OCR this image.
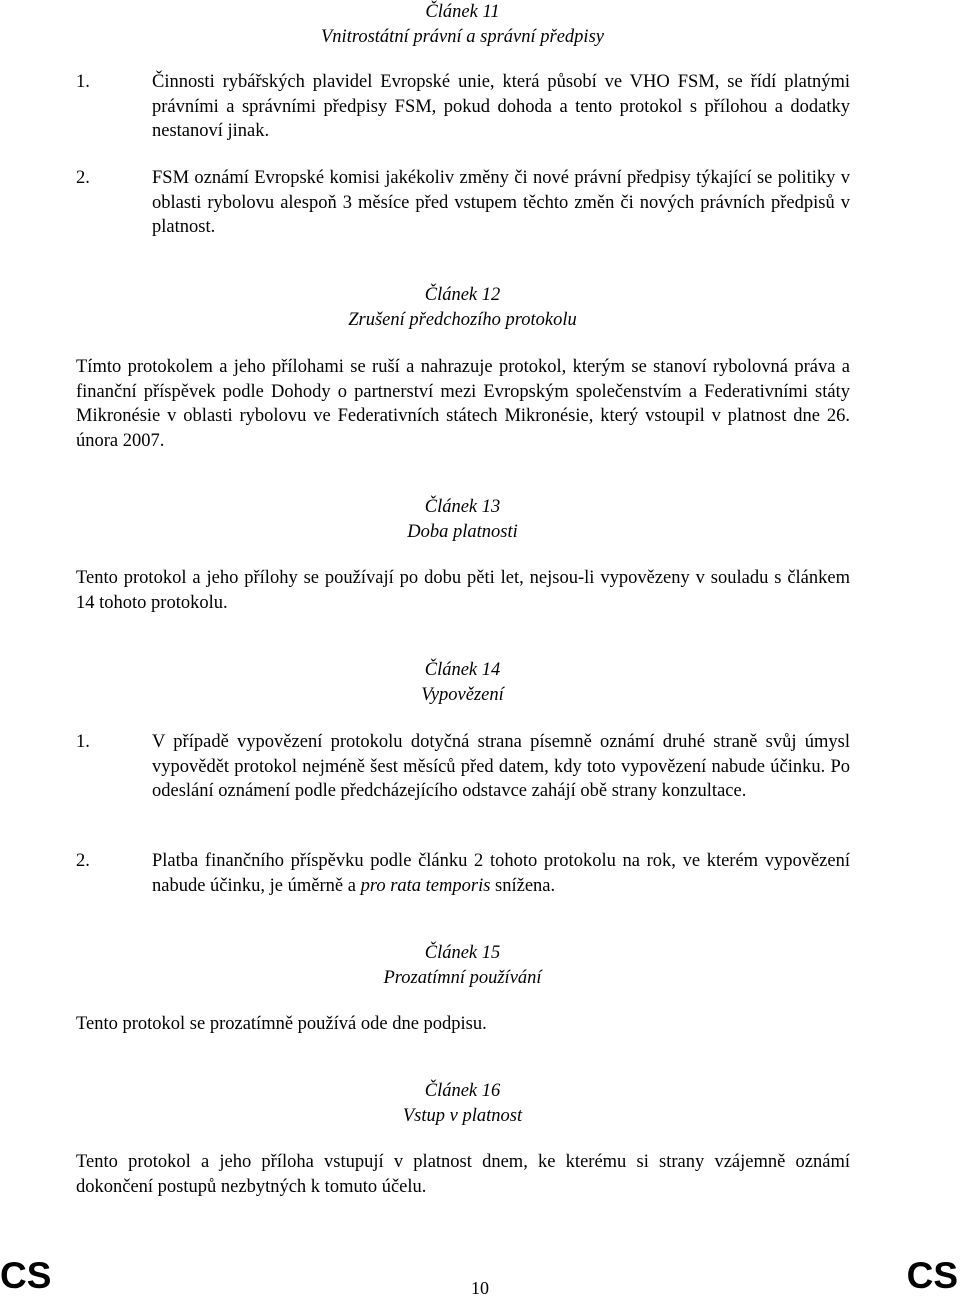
Článek 11
Vnitrostátní právní a správní předpisy
1.	Činnosti rybářských plavidel Evropské unie, která působí ve VHO FSM, se řídí platnými právními a správními předpisy FSM, pokud dohoda a tento protokol s přílohou a dodatky nestanoví jinak.
2.	FSM oznámí Evropské komisi jakékoliv změny či nové právní předpisy týkající se politiky v oblasti rybolovu alespoň 3 měsíce před vstupem těchto změn či nových právních předpisů v platnost.
Článek 12
Zrušení předchozího protokolu
Tímto protokolem a jeho přílohami se ruší a nahrazuje protokol, kterým se stanoví rybolovná práva a finanční příspěvek podle Dohody o partnerství mezi Evropským společenstvím a Federativními státy Mikronésie v oblasti rybolovu ve Federativních státech Mikronésie, který vstoupil v platnost dne 26. února 2007.
Článek 13
Doba platnosti
Tento protokol a jeho přílohy se používají po dobu pěti let, nejsou-li vypovězeny v souladu s článkem 14 tohoto protokolu.
Článek 14
Vypovězení
1.	V případě vypovězení protokolu dotyčná strana písemně oznámí druhé straně svůj úmysl vypovědět protokol nejméně šest měsíců před datem, kdy toto vypovězení nabude účinku. Po odeslání oznámení podle předcházejícího odstavce zahájí obě strany konzultace.
2.	Platba finančního příspěvku podle článku 2 tohoto protokolu na rok, ve kterém vypovězení nabude účinku, je úměrně a pro rata temporis snížena.
Článek 15
Prozatímní používání
Tento protokol se prozatímně používá ode dne podpisu.
Článek 16
Vstup v platnost
Tento protokol a jeho příloha vstupují v platnost dnem, ke kterému si strany vzájemně oznámí dokončení postupů nezbytných k tomuto účelu.
CS	10	CS
